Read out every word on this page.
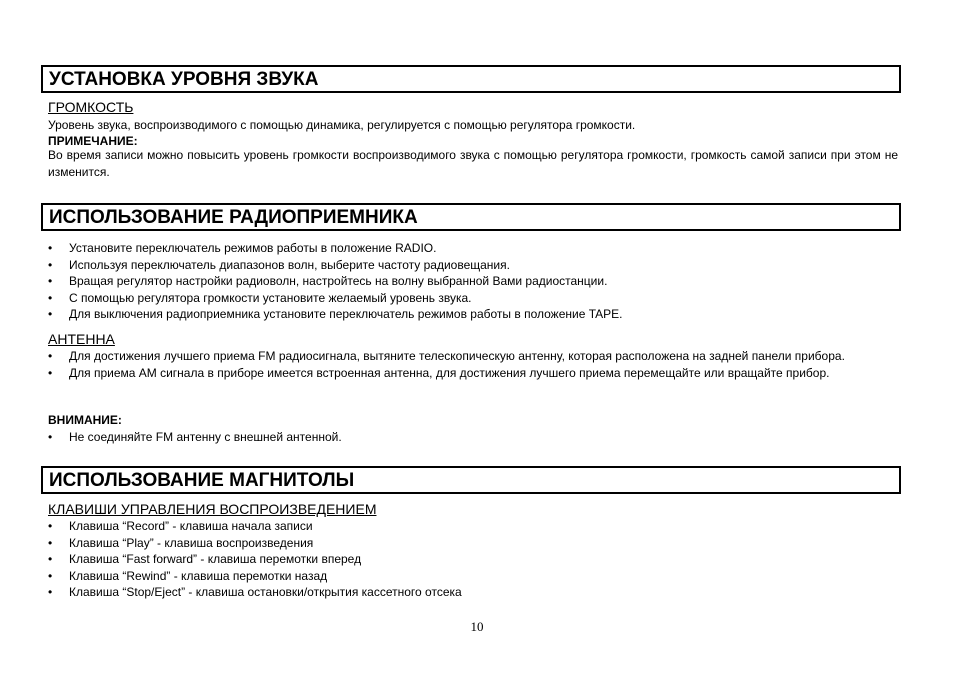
УСТАНОВКА УРОВНЯ ЗВУКА
ГРОМКОСТЬ
Уровень звука, воспроизводимого с помощью динамика, регулируется с помощью регулятора громкости.
ПРИМЕЧАНИЕ:
Во время записи можно повысить уровень громкости воспроизводимого звука с помощью регулятора громкости, громкость самой записи при этом не изменится.
ИСПОЛЬЗОВАНИЕ РАДИОПРИЕМНИКА
• Установите переключатель режимов работы в положение RADIO.
• Используя переключатель диапазонов волн, выберите частоту радиовещания.
• Вращая регулятор настройки радиоволн, настройтесь на волну выбранной Вами радиостанции.
• С помощью регулятора громкости установите желаемый уровень звука.
• Для выключения радиоприемника установите переключатель режимов работы в положение TAPE.
АНТЕННА
• Для достижения лучшего приема FM радиосигнала, вытяните телескопическую антенну, которая расположена на задней панели прибора.
• Для приема AM сигнала в приборе имеется встроенная антенна, для достижения лучшего приема перемещайте или вращайте прибор.
ВНИМАНИЕ:
• Не соединяйте FM антенну с внешней антенной.
ИСПОЛЬЗОВАНИЕ МАГНИТОЛЫ
КЛАВИШИ УПРАВЛЕНИЯ ВОСПРОИЗВЕДЕНИЕМ
• Клавиша “Record” - клавиша начала записи
• Клавиша “Play” - клавиша воспроизведения
• Клавиша “Fast forward” - клавиша перемотки вперед
• Клавиша “Rewind” - клавиша перемотки назад
• Клавиша “Stop/Eject” - клавиша остановки/открытия кассетного отсека
10
